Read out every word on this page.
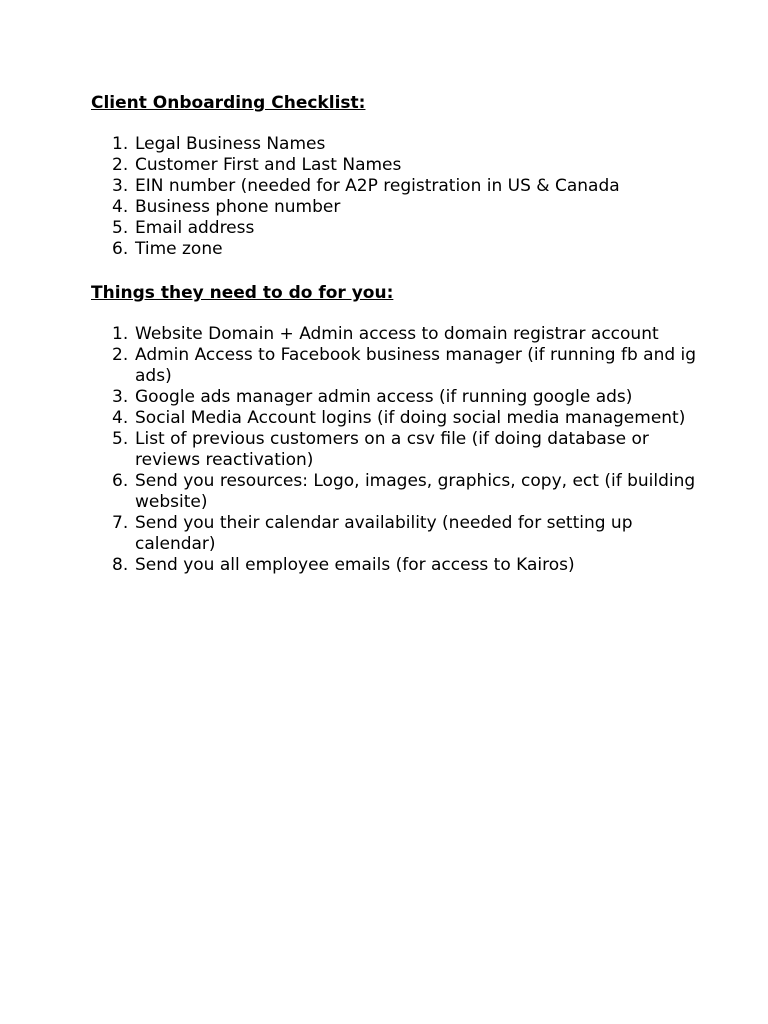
Client Onboarding Checklist:
1. Legal Business Names
2. Customer First and Last Names
3. EIN number (needed for A2P registration in US & Canada
4. Business phone number
5. Email address
6. Time zone
Things they need to do for you:
1. Website Domain + Admin access to domain registrar account
2. Admin Access to Facebook business manager (if running fb and ig ads)
3. Google ads manager admin access (if running google ads)
4. Social Media Account logins (if doing social media management)
5. List of previous customers on a csv file (if doing database or reviews reactivation)
6. Send you resources: Logo, images, graphics, copy, ect (if building website)
7. Send you their calendar availability (needed for setting up calendar)
8. Send you all employee emails (for access to Kairos)
